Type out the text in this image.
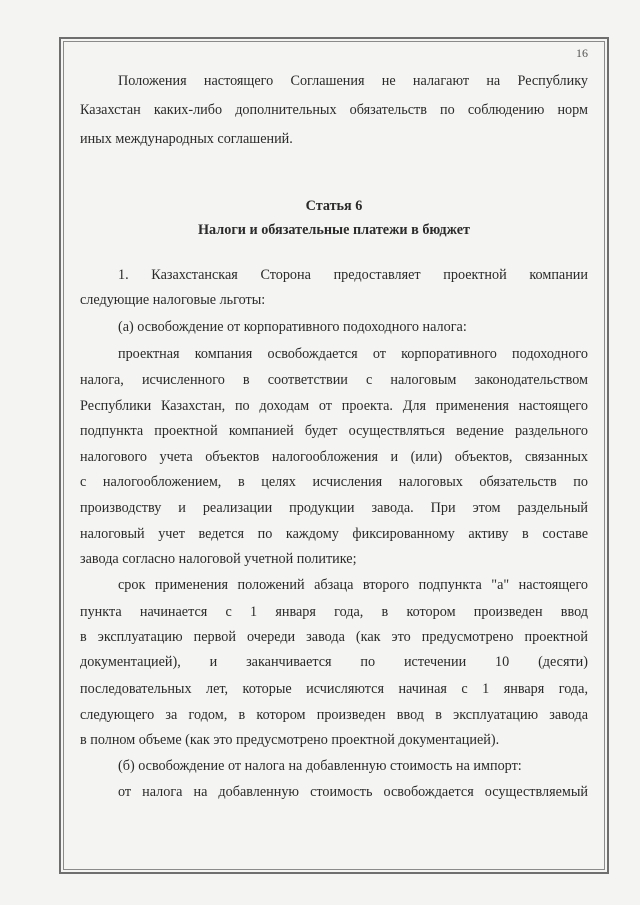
16
Положения настоящего Соглашения не налагают на Республику
Казахстан каких-либо дополнительных обязательств по соблюдению норм
иных международных соглашений.
Статья 6
Налоги и обязательные платежи в бюджет
1. Казахстанская Сторона предоставляет проектной компании
следующие налоговые льготы:
(а) освобождение от корпоративного подоходного налога:
проектная компания освобождается от корпоративного подоходного
налога, исчисленного в соответствии с налоговым законодательством
Республики Казахстан, по доходам от проекта. Для применения настоящего
подпункта проектной компанией будет осуществляться ведение раздельного
налогового учета объектов налогообложения и (или) объектов, связанных
с налогообложением, в целях исчисления налоговых обязательств по
производству и реализации продукции завода. При этом раздельный
налоговый учет ведется по каждому фиксированному активу в составе
завода согласно налоговой учетной политике;
срок применения положений абзаца второго подпункта "а" настоящего
пункта начинается с 1 января года, в котором произведен ввод
в эксплуатацию первой очереди завода (как это предусмотрено проектной
документацией), и заканчивается по истечении 10 (десяти)
последовательных лет, которые исчисляются начиная с 1 января года,
следующего за годом, в котором произведен ввод в эксплуатацию завода
в полном объеме (как это предусмотрено проектной документацией).
(б) освобождение от налога на добавленную стоимость на импорт:
от налога на добавленную стоимость освобождается осуществляемый
